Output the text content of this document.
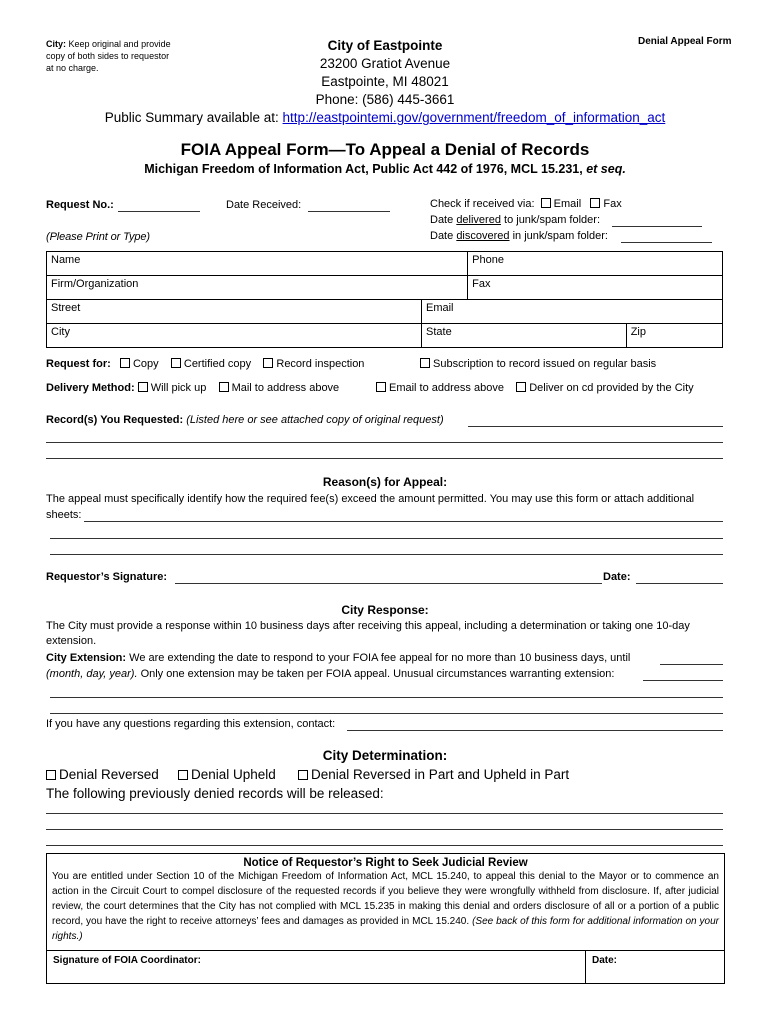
City: Keep original and provide copy of both sides to requestor at no charge.
Denial Appeal Form
City of Eastpointe
23200 Gratiot Avenue
Eastpointe, MI 48021
Phone: (586) 445-3661
Public Summary available at: http://eastpointemi.gov/government/freedom_of_information_act
FOIA Appeal Form—To Appeal a Denial of Records
Michigan Freedom of Information Act, Public Act 442 of 1976, MCL 15.231, et seq.
Request No.:	Date Received:	Check if received via: Email Fax
Date delivered to junk/spam folder:
Date discovered in junk/spam folder:
(Please Print or Type)
Name		Phone	
Firm/Organization		Fax	
Street	Email		
City	State		Zip
Request for: Copy Certified copy Record inspection	Subscription to record issued on regular basis
Delivery Method: Will pick up Mail to address above	Email to address above Deliver on cd provided by the City
Record(s) You Requested: (Listed here or see attached copy of original request)
Reason(s) for Appeal:
The appeal must specifically identify how the required fee(s) exceed the amount permitted. You may use this form or attach additional
sheets:
Requestor’s Signature:	Date:
City Response:
The City must provide a response within 10 business days after receiving this appeal, including a determination or taking one 10-day extension.
City Extension: We are extending the date to respond to your FOIA fee appeal for no more than 10 business days, until
(month, day, year). Only one extension may be taken per FOIA appeal. Unusual circumstances warranting extension:
If you have any questions regarding this extension, contact:
City Determination:
Denial Reversed	Denial Upheld	Denial Reversed in Part and Upheld in Part
The following previously denied records will be released:
Notice of Requestor’s Right to Seek Judicial Review

You are entitled under Section 10 of the Michigan Freedom of Information Act, MCL 15.240, to appeal this denial to the Mayor or to commence an action in the Circuit Court to compel disclosure of the requested records if you believe they were wrongfully withheld from disclosure. If, after judicial review, the court determines that the City has not complied with MCL 15.235 in making this denial and orders disclosure of all or a portion of a public record, you have the right to receive attorneys’ fees and damages as provided in MCL 15.240. (See back of this form for additional information on your rights.)

Signature of FOIA Coordinator:	Date:
